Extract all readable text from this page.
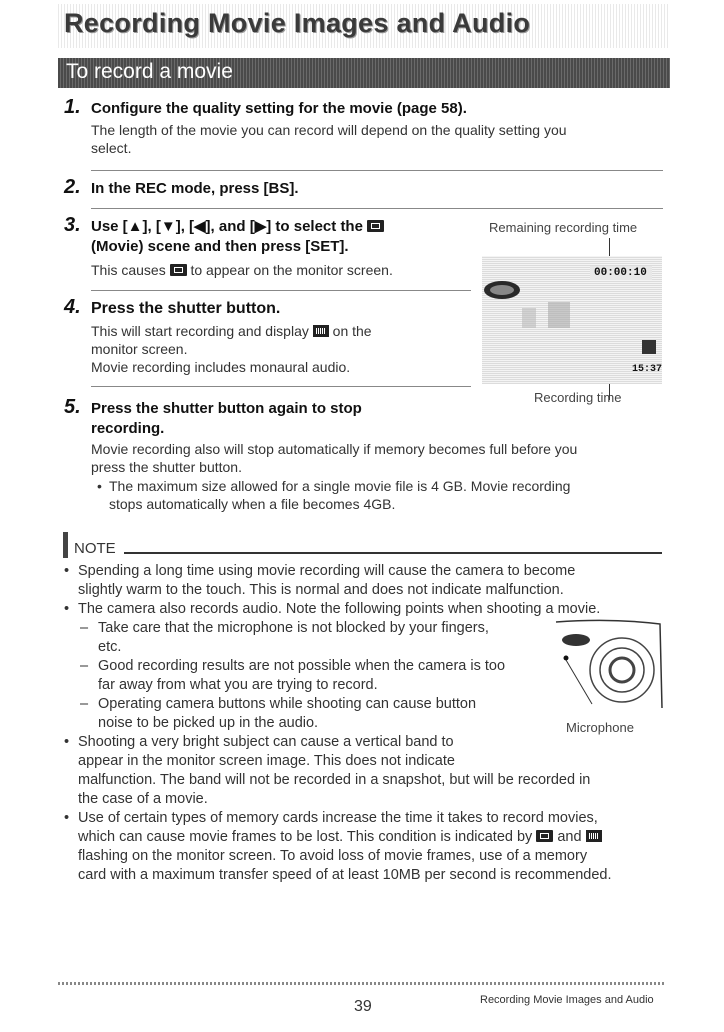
Recording Movie Images and Audio
To record a movie
1. Configure the quality setting for the movie (page 58).
The length of the movie you can record will depend on the quality setting you
select.
2. In the REC mode, press [BS].
3. Use [▲], [▼], [◀], and [▶] to select the
(Movie) scene and then press [SET].
This causes to appear on the monitor screen.
4. Press the shutter button.
This will start recording and display on the
monitor screen.
Movie recording includes monaural audio.
5. Press the shutter button again to stop
recording.
Movie recording also will stop automatically if memory becomes full before you
press the shutter button.
• The maximum size allowed for a single movie file is 4 GB. Movie recording
stops automatically when a file becomes 4GB.
Remaining recording time
00:00:10
15:37
Recording time
NOTE
• Spending a long time using movie recording will cause the camera to become
slightly warm to the touch. This is normal and does not indicate malfunction.
• The camera also records audio. Note the following points when shooting a movie.
– Take care that the microphone is not blocked by your fingers,
etc.
– Good recording results are not possible when the camera is too
far away from what you are trying to record.
– Operating camera buttons while shooting can cause button
noise to be picked up in the audio.	Microphone
• Shooting a very bright subject can cause a vertical band to
appear in the monitor screen image. This does not indicate
malfunction. The band will not be recorded in a snapshot, but will be recorded in
the case of a movie.
• Use of certain types of memory cards increase the time it takes to record movies,
which can cause movie frames to be lost. This condition is indicated by and
flashing on the monitor screen. To avoid loss of movie frames, use of a memory
card with a maximum transfer speed of at least 10MB per second is recommended.
39	Recording Movie Images and Audio
